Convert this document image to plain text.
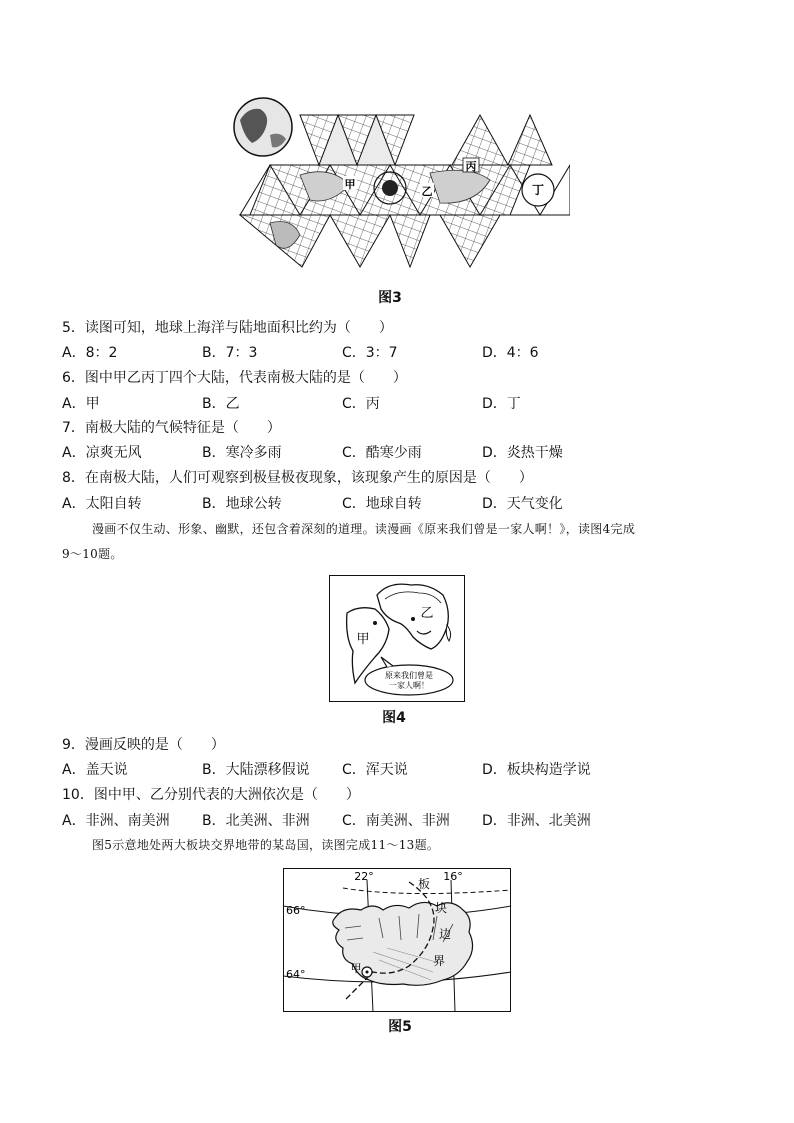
甲
乙
丙
丁
图3
5．读图可知，地球上海洋与陆地面积比约为（　　）
A．8：2	B．7：3	C．3：7	D．4：6
6．图中甲乙丙丁四个大陆，代表南极大陆的是（　　）
A．甲	B．乙	C．丙	D．丁
7．南极大陆的气候特征是（　　）
A．凉爽无风	B．寒冷多雨	C．酷寒少雨	D．炎热干燥
8．在南极大陆，人们可观察到极昼极夜现象，该现象产生的原因是（　　）
A．太阳自转	B．地球公转	C．地球自转	D．天气变化
漫画不仅生动、形象、幽默，还包含着深刻的道理。读漫画《原来我们曾是一家人啊！》，读图4完成
9～10题。
甲
乙
原来我们曾是
一家人啊！
图4
9．漫画反映的是（　　）
A．盖天说	B．大陆漂移假说 C．浑天说	D．板块构造学说
10．图中甲、乙分别代表的大洲依次是（　　）
A．非洲、南美洲 B．北美洲、非洲 C．南美洲、非洲 D．非洲、北美洲
图5示意地处两大板块交界地带的某岛国，读图完成11～13题。
22°	16°
66°
64°
板
块
边
界
甲
图5
